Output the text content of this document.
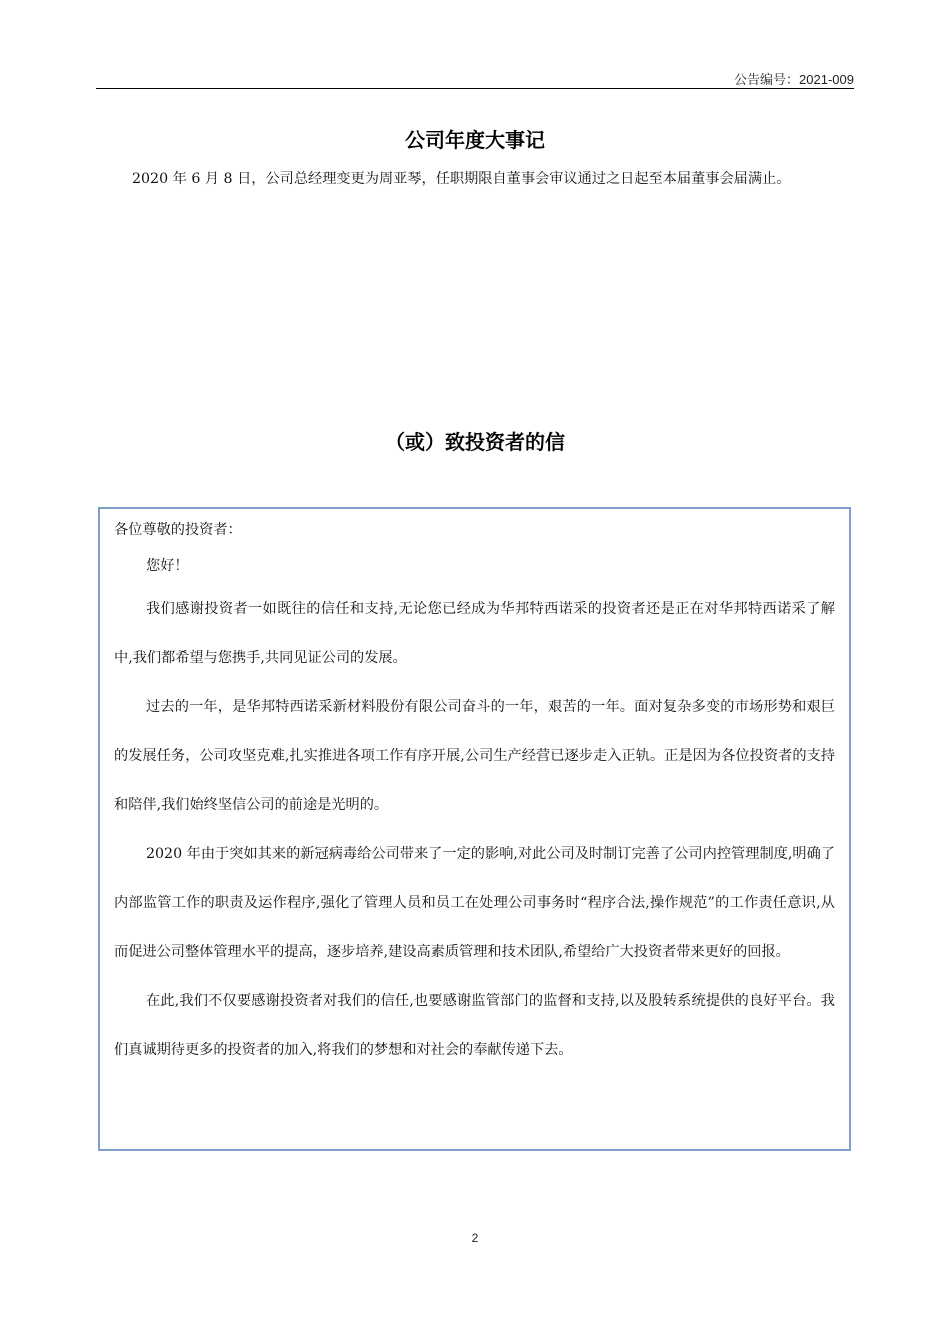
公告编号：2021-009
公司年度大事记

2020 年 6 月 8 日，公司总经理变更为周亚琴，任职期限自董事会审议通过之日起至本届董事会届满止。

（或）致投资者的信

各位尊敬的投资者：

您好！

我们感谢投资者一如既往的信任和支持,无论您已经成为华邦特西诺采的投资者还是正在对华邦特西诺采了解中,我们都希望与您携手,共同见证公司的发展。

过去的一年，是华邦特西诺采新材料股份有限公司奋斗的一年，艰苦的一年。面对复杂多变的市场形势和艰巨的发展任务，公司攻坚克难,扎实推进各项工作有序开展,公司生产经营已逐步走入正轨。正是因为各位投资者的支持和陪伴,我们始终坚信公司的前途是光明的。

2020 年由于突如其来的新冠病毒给公司带来了一定的影响,对此公司及时制订完善了公司内控管理制度,明确了内部监管工作的职责及运作程序,强化了管理人员和员工在处理公司事务时“程序合法,操作规范”的工作责任意识,从而促进公司整体管理水平的提高，逐步培养,建设高素质管理和技术团队,希望给广大投资者带来更好的回报。

在此,我们不仅要感谢投资者对我们的信任,也要感谢监管部门的监督和支持,以及股转系统提供的良好平台。我们真诚期待更多的投资者的加入,将我们的梦想和对社会的奉献传递下去。

2
